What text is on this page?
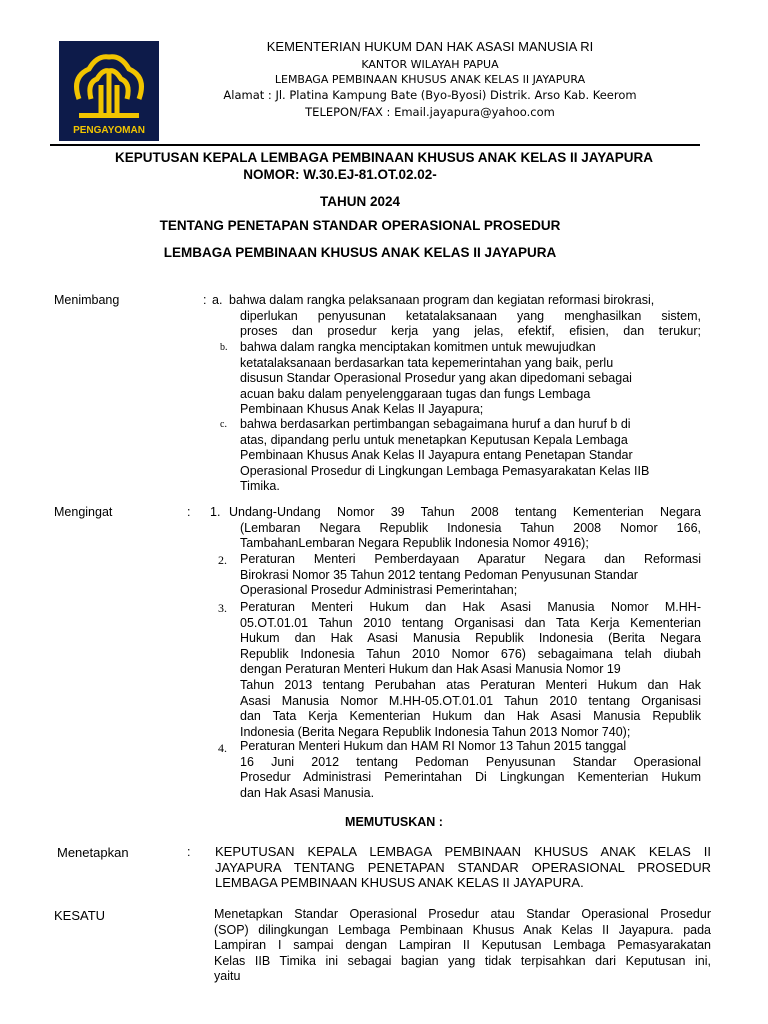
PENGAYOMAN
KEMENTERIAN HUKUM DAN HAK ASASI MANUSIA RI
KANTOR WILAYAH PAPUA
LEMBAGA PEMBINAAN KHUSUS ANAK KELAS II JAYAPURA
Alamat : Jl. Platina Kampung Bate (Byo-Byosi) Distrik. Arso Kab. Keerom
TELEPON/FAX : Email.jayapura@yahoo.com
KEPUTUSAN KEPALA LEMBAGA PEMBINAAN KHUSUS ANAK KELAS II JAYAPURA
NOMOR: W.30.EJ-81.OT.02.02-
TAHUN 2024
TENTANG PENETAPAN STANDAR OPERASIONAL PROSEDUR
LEMBAGA PEMBINAAN KHUSUS ANAK KELAS II JAYAPURA
Menimbang	: a. bahwa dalam rangka pelaksanaan program dan kegiatan reformasi birokrasi,
diperlukan penyusunan ketatalaksanaan yang menghasilkan sistem,
proses dan prosedur kerja yang jelas, efektif, efisien, dan terukur;
b. bahwa dalam rangka menciptakan komitmen untuk mewujudkan
ketatalaksanaan berdasarkan tata kepemerintahan yang baik, perlu
disusun Standar Operasional Prosedur yang akan dipedomani sebagai
acuan baku dalam penyelenggaraan tugas dan fungs Lembaga
Pembinaan Khusus Anak Kelas II Jayapura;
c. bahwa berdasarkan pertimbangan sebagaimana huruf a dan huruf b di
atas, dipandang perlu untuk menetapkan Keputusan Kepala Lembaga
Pembinaan Khusus Anak Kelas II Jayapura entang Penetapan Standar
Operasional Prosedur di Lingkungan Lembaga Pemasyarakatan Kelas IIB
Timika.
Mengingat	: 1. Undang-Undang Nomor 39 Tahun 2008 tentang Kementerian Negara
(Lembaran Negara Republik Indonesia Tahun 2008 Nomor 166,
TambahanLembaran Negara Republik Indonesia Nomor 4916);
2. Peraturan Menteri Pemberdayaan Aparatur Negara dan Reformasi
Birokrasi Nomor 35 Tahun 2012 tentang Pedoman Penyusunan Standar
Operasional Prosedur Administrasi Pemerintahan;
3. Peraturan Menteri Hukum dan Hak Asasi Manusia Nomor M.HH-
05.OT.01.01 Tahun 2010 tentang Organisasi dan Tata Kerja Kementerian
Hukum dan Hak Asasi Manusia Republik Indonesia (Berita Negara
Republik Indonesia Tahun 2010 Nomor 676) sebagaimana telah diubah
dengan Peraturan Menteri Hukum dan Hak Asasi Manusia Nomor 19
Tahun 2013 tentang Perubahan atas Peraturan Menteri Hukum dan Hak
Asasi Manusia Nomor M.HH-05.OT.01.01 Tahun 2010 tentang Organisasi
dan Tata Kerja Kementerian Hukum dan Hak Asasi Manusia Republik
Indonesia (Berita Negara Republik Indonesia Tahun 2013 Nomor 740);
4. Peraturan Menteri Hukum dan HAM RI Nomor 13 Tahun 2015 tanggal
16 Juni 2012 tentang Pedoman Penyusunan Standar Operasional
Prosedur Administrasi Pemerintahan Di Lingkungan Kementerian Hukum
dan Hak Asasi Manusia.
MEMUTUSKAN :
Menetapkan	: KEPUTUSAN KEPALA LEMBAGA PEMBINAAN KHUSUS ANAK KELAS II
JAYAPURA TENTANG PENETAPAN STANDAR OPERASIONAL PROSEDUR
LEMBAGA PEMBINAAN KHUSUS ANAK KELAS II JAYAPURA.
KESATU	Menetapkan Standar Operasional Prosedur atau Standar Operasional Prosedur
(SOP) dilingkungan Lembaga Pembinaan Khusus Anak Kelas II Jayapura. pada
Lampiran I sampai dengan Lampiran II Keputusan Lembaga Pemasyarakatan
Kelas IIB Timika ini sebagai bagian yang tidak terpisahkan dari Keputusan ini,
yaitu
